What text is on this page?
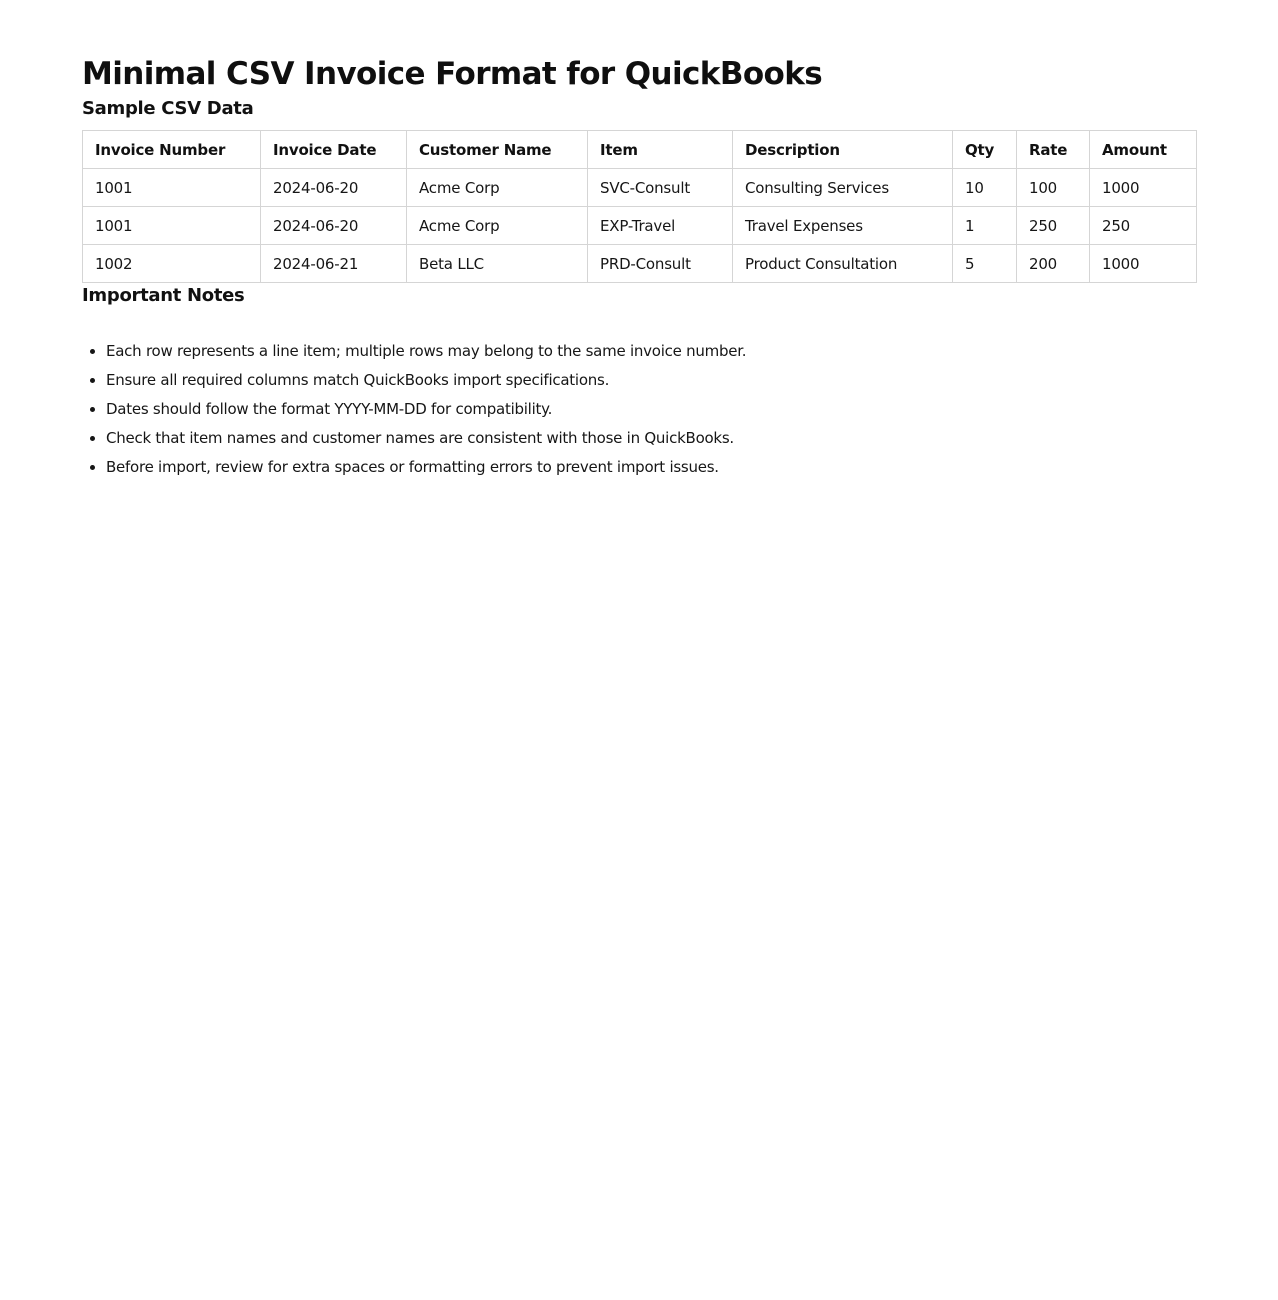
Minimal CSV Invoice Format for QuickBooks
Sample CSV Data
Invoice Number	Invoice Date	Customer Name	Item	Description	Qty	Rate	Amount
1001	2024-06-20	Acme Corp	SVC-Consult	Consulting Services	10	100	1000
1001	2024-06-20	Acme Corp	EXP-Travel	Travel Expenses	1	250	250
1002	2024-06-21	Beta LLC	PRD-Consult	Product Consultation	5	200	1000
Important Notes
• Each row represents a line item; multiple rows may belong to the same invoice number.
• Ensure all required columns match QuickBooks import specifications.
• Dates should follow the format YYYY-MM-DD for compatibility.
• Check that item names and customer names are consistent with those in QuickBooks.
• Before import, review for extra spaces or formatting errors to prevent import issues.
